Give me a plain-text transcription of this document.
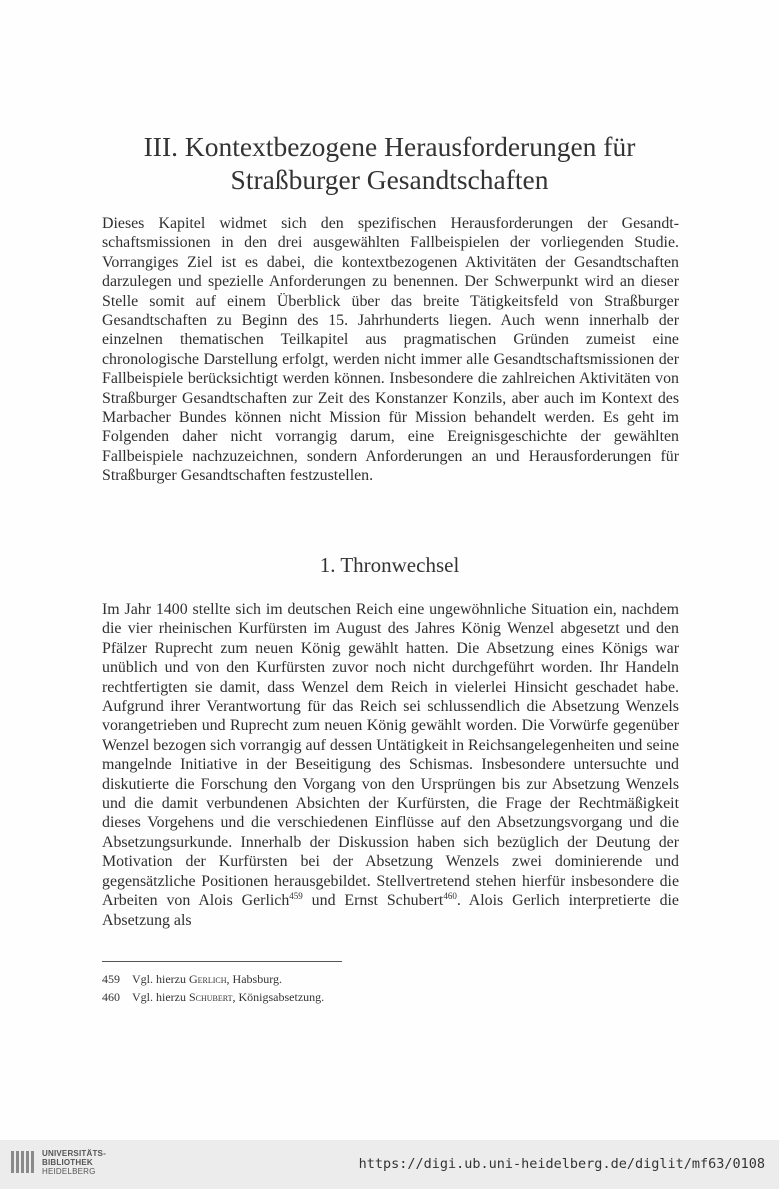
III. Kontextbezogene Herausforderungen für
Straßburger Gesandtschaften
Dieses Kapitel widmet sich den spezifischen Herausforderungen der Gesandtschaftsmissionen in den drei ausgewählten Fallbeispielen der vorliegenden Studie. Vorrangiges Ziel ist es dabei, die kontextbezogenen Aktivitäten der Gesandtschaften darzulegen und spezielle Anforderungen zu benennen. Der Schwerpunkt wird an dieser Stelle somit auf einem Überblick über das breite Tätigkeitsfeld von Straßburger Gesandtschaften zu Beginn des 15. Jahrhunderts liegen. Auch wenn innerhalb der einzelnen thematischen Teilkapitel aus pragmatischen Gründen zumeist eine chronologische Darstellung erfolgt, werden nicht immer alle Gesandtschaftsmissionen der Fallbeispiele berücksichtigt werden können. Insbesondere die zahlreichen Aktivitäten von Straßburger Gesandtschaften zur Zeit des Konstanzer Konzils, aber auch im Kontext des Marbacher Bundes können nicht Mission für Mission behandelt werden. Es geht im Folgenden daher nicht vorrangig darum, eine Ereignisgeschichte der gewählten Fallbeispiele nachzuzeichnen, sondern Anforderungen an und Herausforderungen für Straßburger Gesandtschaften festzustellen.
1. Thronwechsel
Im Jahr 1400 stellte sich im deutschen Reich eine ungewöhnliche Situation ein, nachdem die vier rheinischen Kurfürsten im August des Jahres König Wenzel abgesetzt und den Pfälzer Ruprecht zum neuen König gewählt hatten. Die Absetzung eines Königs war unüblich und von den Kurfürsten zuvor noch nicht durchgeführt worden. Ihr Handeln rechtfertigten sie damit, dass Wenzel dem Reich in vielerlei Hinsicht geschadet habe. Aufgrund ihrer Verantwortung für das Reich sei schlussendlich die Absetzung Wenzels vorangetrieben und Ruprecht zum neuen König gewählt worden. Die Vorwürfe gegenüber Wenzel bezogen sich vorrangig auf dessen Untätigkeit in Reichsangelegenheiten und seine mangelnde Initiative in der Beseitigung des Schismas. Insbesondere untersuchte und diskutierte die Forschung den Vorgang von den Ursprüngen bis zur Absetzung Wenzels und die damit verbundenen Absichten der Kurfürsten, die Frage der Rechtmäßigkeit dieses Vorgehens und die verschiedenen Einflüsse auf den Absetzungsvorgang und die Absetzungsurkunde. Innerhalb der Diskussion haben sich bezüglich der Deutung der Motivation der Kurfürsten bei der Absetzung Wenzels zwei dominierende und gegensätzliche Positionen herausgebildet. Stellvertretend stehen hierfür insbesondere die Arbeiten von Alois Gerlich$^{459}$ und Ernst Schubert$^{460}$. Alois Gerlich interpretierte die Absetzung als
459	Vgl. hierzu Gerlich, Habsburg.
460	Vgl. hierzu Schubert, Königsabsetzung.
UNIVERSITÄTS-
BIBLIOTHEK
HEIDELBERG	https://digi.ub.uni-heidelberg.de/diglit/mf63/0108
